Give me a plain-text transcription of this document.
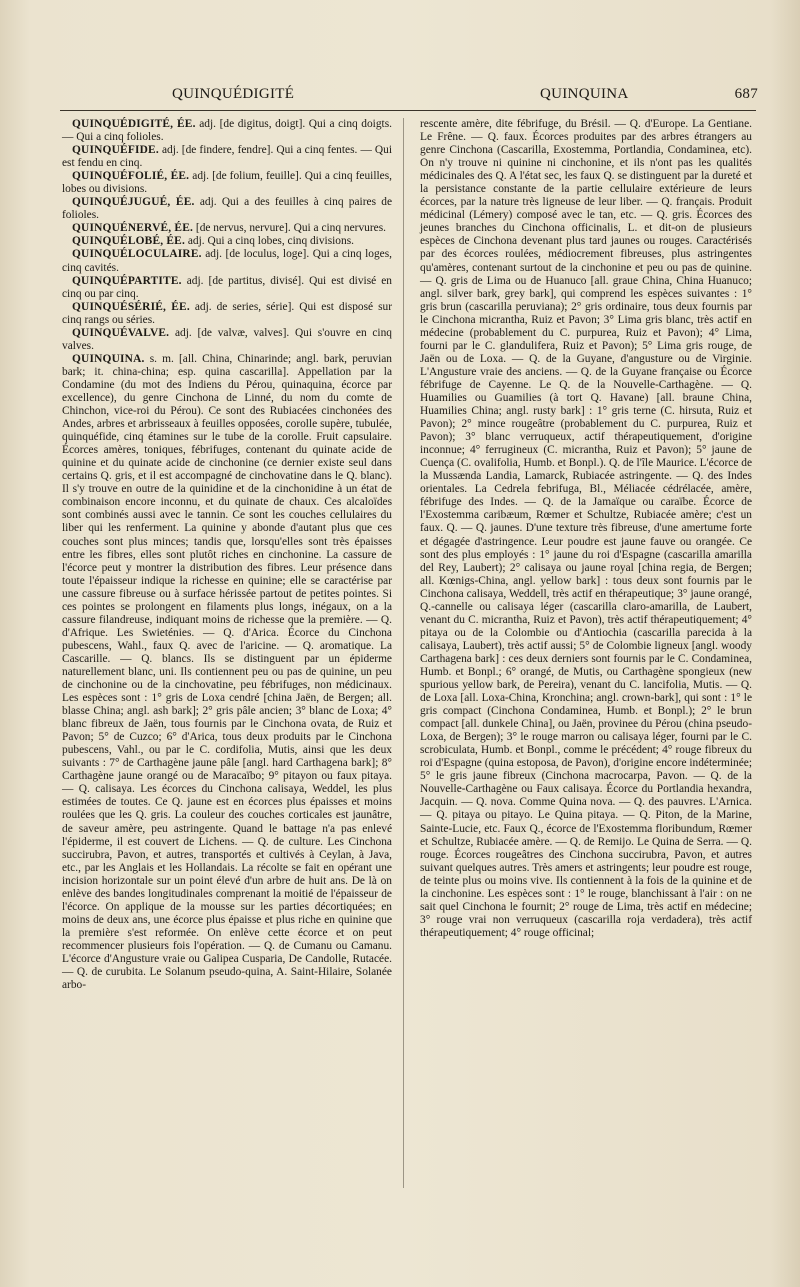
QUINQUÉDIGITÉ	QUINQUINA	687

QUINQUÉDIGITÉ, ÉE. adj. [de digitus, doigt]. Qui a cinq doigts. — Qui a cinq folioles.

QUINQUÉFIDE. adj. [de findere, fendre]. Qui a cinq fentes. — Qui est fendu en cinq.

QUINQUÉFOLIÉ, ÉE. adj. [de folium, feuille]. Qui a cinq feuilles, lobes ou divisions.

QUINQUÉJUGUÉ, ÉE. adj. Qui a des feuilles à cinq paires de folioles.

QUINQUÉNERVÉ, ÉE. [de nervus, nervure]. Qui a cinq nervures.

QUINQUÉLOBÉ, ÉE. adj. Qui a cinq lobes, cinq divisions.

QUINQUÉLOCULAIRE. adj. [de loculus, loge]. Qui a cinq loges, cinq cavités.

QUINQUÉPARTITE. adj. [de partitus, divisé]. Qui est divisé en cinq ou par cinq.

QUINQUÉSÉRIÉ, ÉE. adj. de series, série]. Qui est disposé sur cinq rangs ou séries.

QUINQUÉVALVE. adj. [de valvæ, valves]. Qui s'ouvre en cinq valves.

QUINQUINA. s. m. [all. China, Chinarinde; angl. bark, peruvian bark; it. china-china; esp. quina cascarilla]. Appellation par la Condamine (du mot des Indiens du Pérou, quinaquina, écorce par excellence), du genre Cinchona de Linné, du nom du comte de Chinchon, vice-roi du Pérou). Ce sont des Rubiacées cinchonées des Andes, arbres et arbrisseaux à feuilles opposées, corolle supère, tubulée, quinquéfide, cinq étamines sur le tube de la corolle. Fruit capsulaire. Écorces amères, toniques, fébrifuges, contenant du quinate acide de quinine et du quinate acide de cinchonine (ce dernier existe seul dans certains Q. gris, et il est accompagné de cinchovatine dans le Q. blanc). Il s'y trouve en outre de la quinidine et de la cinchonidine à un état de combinaison encore inconnu, et du quinate de chaux. Ces alcaloïdes sont combinés aussi avec le tannin. Ce sont les couches cellulaires du liber qui les renferment. La quinine y abonde d'autant plus que ces couches sont plus minces; tandis que, lorsqu'elles sont très épaisses entre les fibres, elles sont plutôt riches en cinchonine. La cassure de l'écorce peut y montrer la distribution des fibres. Leur présence dans toute l'épaisseur indique la richesse en quinine; elle se caractérise par une cassure fibreuse ou à surface hérissée partout de petites pointes. Si ces pointes se prolongent en filaments plus longs, inégaux, on a la cassure filandreuse, indiquant moins de richesse que la première. — Q. d'Afrique. Les Swieténies. — Q. d'Arica. Écorce du Cinchona pubescens, Wahl., faux Q. avec de l'aricine. — Q. aromatique. La Cascarille. — Q. blancs. Ils se distinguent par un épiderme naturellement blanc, uni. Ils contiennent peu ou pas de quinine, un peu de cinchonine ou de la cinchovatine, peu fébrifuges, non médicinaux. Les espèces sont : 1° gris de Loxa cendré [china Jaën, de Bergen; all. blasse China; angl. ash bark]; 2° gris pâle ancien; 3° blanc de Loxa; 4° blanc fibreux de Jaën, tous fournis par le Cinchona ovata, de Ruiz et Pavon; 5° de Cuzco; 6° d'Arica, tous deux produits par le Cinchona pubescens, Vahl., ou par le C. cordifolia, Mutis, ainsi que les deux suivants : 7° de Carthagène jaune pâle [angl. hard Carthagena bark]; 8° Carthagène jaune orangé ou de Maracaïbo; 9° pitayon ou faux pitaya. — Q. calisaya. Les écorces du Cinchona calisaya, Weddel, les plus estimées de toutes. Ce Q. jaune est en écorces plus épaisses et moins roulées que les Q. gris. La couleur des couches corticales est jaunâtre, de saveur amère, peu astringente. Quand le battage n'a pas enlevé l'épiderme, il est couvert de Lichens. — Q. de culture. Les Cinchona succirubra, Pavon, et autres, transportés et cultivés à Ceylan, à Java, etc., par les Anglais et les Hollandais. La récolte se fait en opérant une incision horizontale sur un point élevé d'un arbre de huit ans. De là on enlève des bandes longitudinales comprenant la moitié de l'épaisseur de l'écorce. On applique de la mousse sur les parties décortiquées; en moins de deux ans, une écorce plus épaisse et plus riche en quinine que la première s'est reformée. On enlève cette écorce et on peut recommencer plusieurs fois l'opération. — Q. de Cumanu ou Camanu. L'écorce d'Angusture vraie ou Galipea Cusparia, De Candolle, Rutacée. — Q. de curubita. Le Solanum pseudo-quina, A. Saint-Hilaire, Solanée arbo-

rescente amère, dite fébrifuge, du Brésil. — Q. d'Europe. La Gentiane. Le Frêne. — Q. faux. Écorces produites par des arbres étrangers au genre Cinchona (Cascarilla, Exostemma, Portlandia, Condaminea, etc). On n'y trouve ni quinine ni cinchonine, et ils n'ont pas les qualités médicinales des Q. A l'état sec, les faux Q. se distinguent par la dureté et la persistance constante de la partie cellulaire extérieure de leurs écorces, par la nature très ligneuse de leur liber. — Q. français. Produit médicinal (Lémery) composé avec le tan, etc. — Q. gris. Écorces des jeunes branches du Cinchona officinalis, L. et dit-on de plusieurs espèces de Cinchona devenant plus tard jaunes ou rouges. Caractérisés par des écorces roulées, médiocrement fibreuses, plus astringentes qu'amères, contenant surtout de la cinchonine et peu ou pas de quinine. — Q. gris de Lima ou de Huanuco [all. graue China, China Huanuco; angl. silver bark, grey bark], qui comprend les espèces suivantes : 1° gris brun (cascarilla peruviana); 2° gris ordinaire, tous deux fournis par le Cinchona micrantha, Ruiz et Pavon; 3° Lima gris blanc, très actif en médecine (probablement du C. purpurea, Ruiz et Pavon); 4° Lima, fourni par le C. glandulifera, Ruiz et Pavon); 5° Lima gris rouge, de Jaën ou de Loxa. — Q. de la Guyane, d'angusture ou de Virginie. L'Angusture vraie des anciens. — Q. de la Guyane française ou Écorce fébrifuge de Cayenne. Le Q. de la Nouvelle-Carthagène. — Q. Huamilies ou Guamilies (à tort Q. Havane) [all. braune China, Huamilies China; angl. rusty bark] : 1° gris terne (C. hirsuta, Ruiz et Pavon); 2° mince rougeâtre (probablement du C. purpurea, Ruiz et Pavon); 3° blanc verruqueux, actif thérapeutiquement, d'origine inconnue; 4° ferrugineux (C. micrantha, Ruiz et Pavon); 5° jaune de Cuença (C. ovalifolia, Humb. et Bonpl.). Q. de l'île Maurice. L'écorce de la Mussænda Landia, Lamarck, Rubiacée astringente. — Q. des Indes orientales. La Cedrela febrifuga, Bl., Méliacée cédrélacée, amère, fébrifuge des Indes. — Q. de la Jamaïque ou caraïbe. Écorce de l'Exostemma caribæum, Rœmer et Schultze, Rubiacée amère; c'est un faux. Q. — Q. jaunes. D'une texture très fibreuse, d'une amertume forte et dégagée d'astringence. Leur poudre est jaune fauve ou orangée. Ce sont des plus employés : 1° jaune du roi d'Espagne (cascarilla amarilla del Rey, Laubert); 2° calisaya ou jaune royal [china regia, de Bergen; all. Kœnigs-China, angl. yellow bark] : tous deux sont fournis par le Cinchona calisaya, Weddell, très actif en thérapeutique; 3° jaune orangé, Q.-cannelle ou calisaya léger (cascarilla claro-amarilla, de Laubert, venant du C. micrantha, Ruiz et Pavon), très actif thérapeutiquement; 4° pitaya ou de la Colombie ou d'Antiochia (cascarilla parecida à la calisaya, Laubert), très actif aussi; 5° de Colombie ligneux [angl. woody Carthagena bark] : ces deux derniers sont fournis par le C. Condaminea, Humb. et Bonpl.; 6° orangé, de Mutis, ou Carthagène spongieux (new spurious yellow bark, de Pereira), venant du C. lancifolia, Mutis. — Q. de Loxa [all. Loxa-China, Kronchina; angl. crown-bark], qui sont : 1° le gris compact (Cinchona Condaminea, Humb. et Bonpl.); 2° le brun compact [all. dunkele China], ou Jaën, provinee du Pérou (china pseudo-Loxa, de Bergen); 3° le rouge marron ou calisaya léger, fourni par le C. scrobiculata, Humb. et Bonpl., comme le précédent; 4° rouge fibreux du roi d'Espagne (quina estoposa, de Pavon), d'origine encore indéterminée; 5° le gris jaune fibreux (Cinchona macrocarpa, Pavon. — Q. de la Nouvelle-Carthagène ou Faux calisaya. Écorce du Portlandia hexandra, Jacquin. — Q. nova. Comme Quina nova. — Q. des pauvres. L'Arnica. — Q. pitaya ou pitayo. Le Quina pitaya. — Q. Piton, de la Marine, Sainte-Lucie, etc. Faux Q., écorce de l'Exostemma floribundum, Rœmer et Schultze, Rubiacée amère. — Q. de Remijo. Le Quina de Serra. — Q. rouge. Écorces rougeâtres des Cinchona succirubra, Pavon, et autres suivant quelques autres. Très amers et astringents; leur poudre est rouge, de teinte plus ou moins vive. Ils contiennent à la fois de la quinine et de la cinchonine. Les espèces sont : 1° le rouge, blanchissant à l'air : on ne sait quel Cinchona le fournit; 2° rouge de Lima, très actif en médecine; 3° rouge vrai non verruqueux (cascarilla roja verdadera), très actif thérapeutiquement; 4° rouge officinal;
